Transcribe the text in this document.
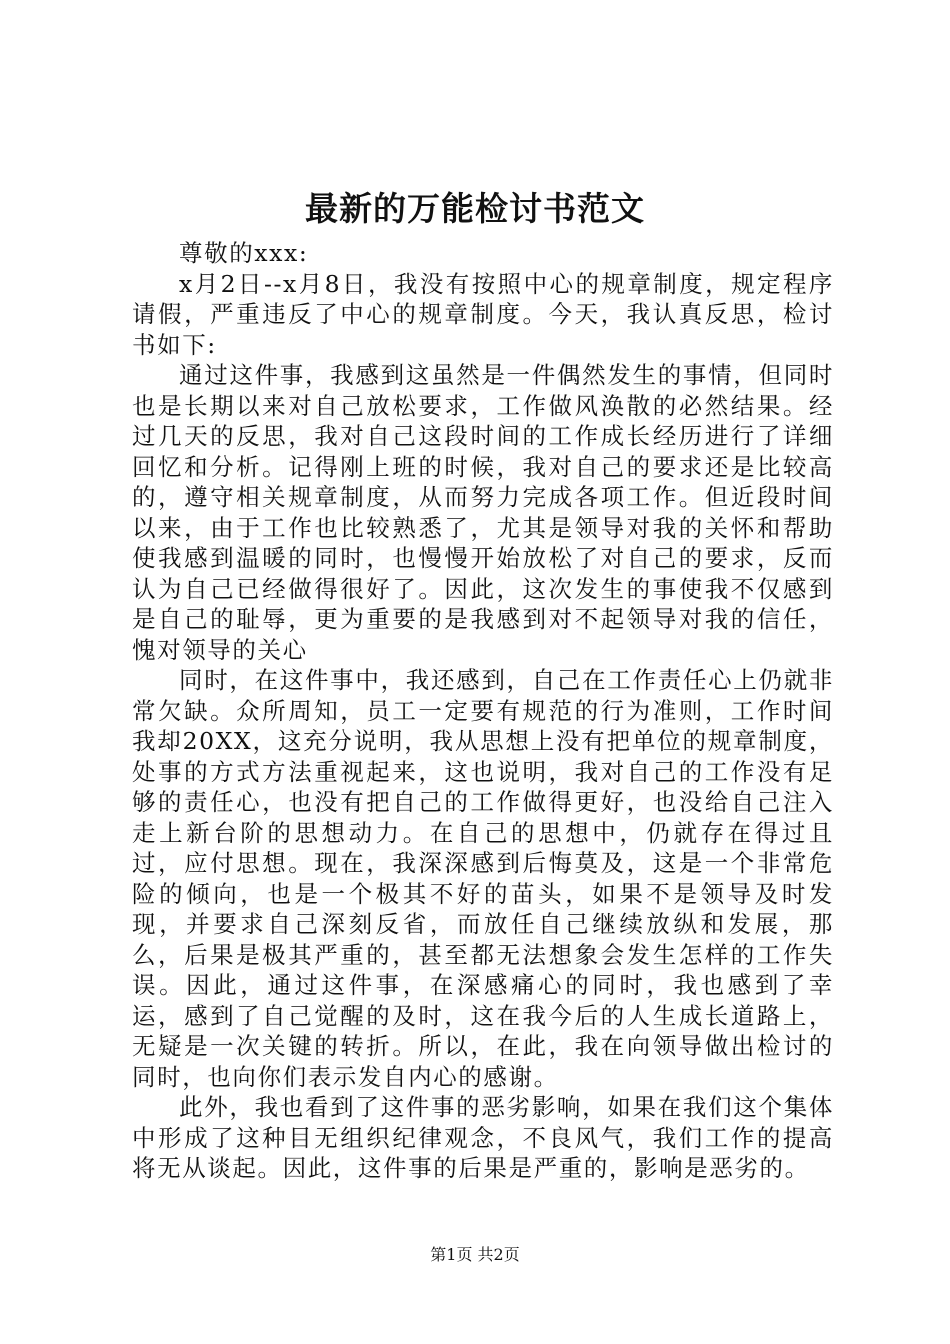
最新的万能检讨书范文

尊敬的xxx:

x月2日--x月8日，我没有按照中心的规章制度，规定程序请假，严重违反了中心的规章制度。今天，我认真反思，检讨书如下:

通过这件事，我感到这虽然是一件偶然发生的事情，但同时也是长期以来对自己放松要求，工作做风涣散的必然结果。经过几天的反思，我对自己这段时间的工作成长经历进行了详细回忆和分析。记得刚上班的时候，我对自己的要求还是比较高的，遵守相关规章制度，从而努力完成各项工作。但近段时间以来，由于工作也比较熟悉了，尤其是领导对我的关怀和帮助使我感到温暖的同时，也慢慢开始放松了对自己的要求，反而认为自己已经做得很好了。因此，这次发生的事使我不仅感到是自己的耻辱，更为重要的是我感到对不起领导对我的信任，愧对领导的关心

同时，在这件事中，我还感到，自己在工作责任心上仍就非常欠缺。众所周知，员工一定要有规范的行为准则，工作时间我却20XX，这充分说明，我从思想上没有把单位的规章制度，处事的方式方法重视起来，这也说明，我对自己的工作没有足够的责任心，也没有把自己的工作做得更好，也没给自己注入走上新台阶的思想动力。在自己的思想中，仍就存在得过且过，应付思想。现在，我深深感到后悔莫及，这是一个非常危险的倾向，也是一个极其不好的苗头，如果不是领导及时发现，并要求自己深刻反省，而放任自己继续放纵和发展，那么，后果是极其严重的，甚至都无法想象会发生怎样的工作失误。因此，通过这件事，在深感痛心的同时，我也感到了幸运，感到了自己觉醒的及时，这在我今后的人生成长道路上，无疑是一次关键的转折。所以，在此，我在向领导做出检讨的同时，也向你们表示发自内心的感谢。

此外，我也看到了这件事的恶劣影响，如果在我们这个集体中形成了这种目无组织纪律观念，不良风气，我们工作的提高将无从谈起。因此，这件事的后果是严重的，影响是恶劣的。

第1页 共2页
